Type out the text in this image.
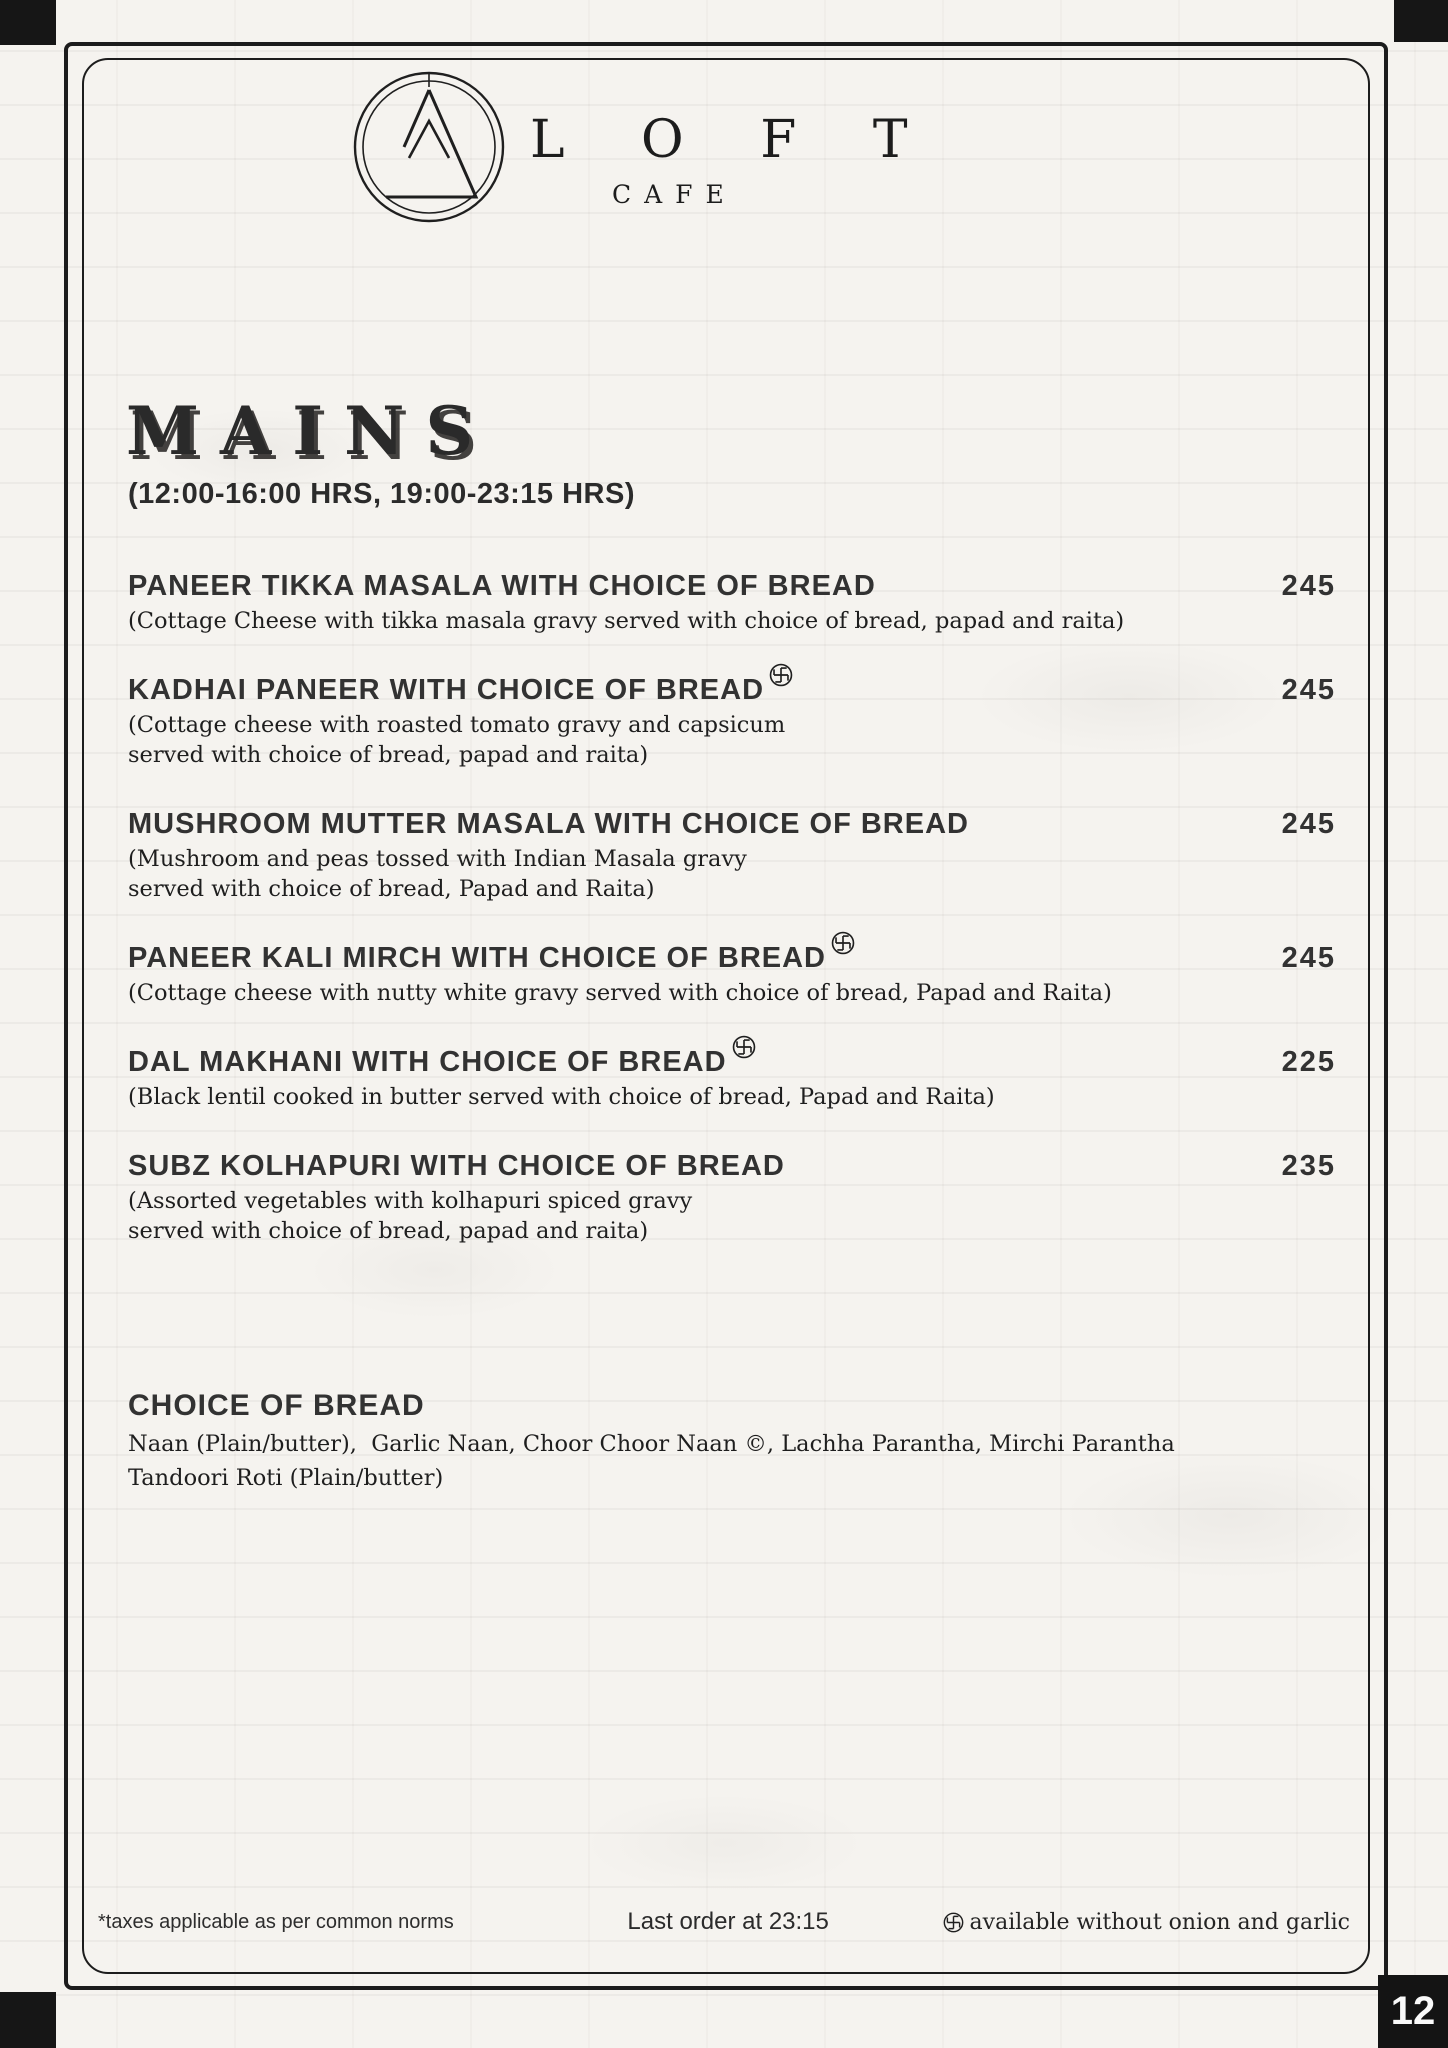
12
L O F T
CAFE
MAINS
(12:00-16:00 HRS, 19:00-23:15 HRS)
PANEER TIKKA MASALA WITH CHOICE OF BREAD	245
(Cottage Cheese with tikka masala gravy served with choice of bread, papad and raita)
KADHAI PANEER WITH CHOICE OF BREAD	245
(Cottage cheese with roasted tomato gravy and capsicum
served with choice of bread, papad and raita)
MUSHROOM MUTTER MASALA WITH CHOICE OF BREAD	245
(Mushroom and peas tossed with Indian Masala gravy
served with choice of bread, Papad and Raita)
PANEER KALI MIRCH WITH CHOICE OF BREAD	245
(Cottage cheese with nutty white gravy served with choice of bread, Papad and Raita)
DAL MAKHANI WITH CHOICE OF BREAD	225
(Black lentil cooked in butter served with choice of bread, Papad and Raita)
SUBZ KOLHAPURI WITH CHOICE OF BREAD	235
(Assorted vegetables with kolhapuri spiced gravy
served with choice of bread, papad and raita)
CHOICE OF BREAD
Naan (Plain/butter),  Garlic Naan, Choor Choor Naan ©, Lachha Parantha, Mirchi Parantha
Tandoori Roti (Plain/butter)
*taxes applicable as per common norms	Last order at 23:15	available without onion and garlic
